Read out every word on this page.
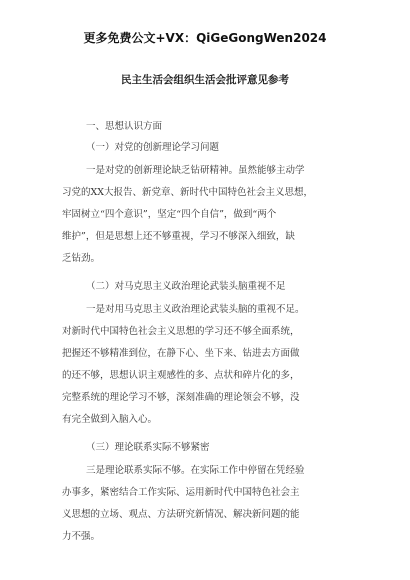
更多免费公文+VX：QiGeGongWen2024
民主生活会组织生活会批评意见参考
一、思想认识方面
（一）对党的创新理论学习问题
一是对党的创新理论缺乏钻研精神。虽然能够主动学
习党的XX大报告、新党章、新时代中国特色社会主义思想，
牢固树立“四个意识”，坚定“四个自信”，做到“两个
维护”，但是思想上还不够重视，学习不够深入细致，缺
乏钻劲。
（二）对马克思主义政治理论武装头脑重视不足
一是对用马克思主义政治理论武装头脑的重视不足。
对新时代中国特色社会主义思想的学习还不够全面系统，
把握还不够精准到位，在静下心、坐下来、钻进去方面做
的还不够，思想认识主观感性的多、点状和碎片化的多，
完整系统的理论学习不够，深刻准确的理论领会不够，没
有完全做到入脑入心。
（三）理论联系实际不够紧密
三是理论联系实际不够。在实际工作中停留在凭经验
办事多，紧密结合工作实际、运用新时代中国特色社会主
义思想的立场、观点、方法研究新情况、解决新问题的能
力不强。
